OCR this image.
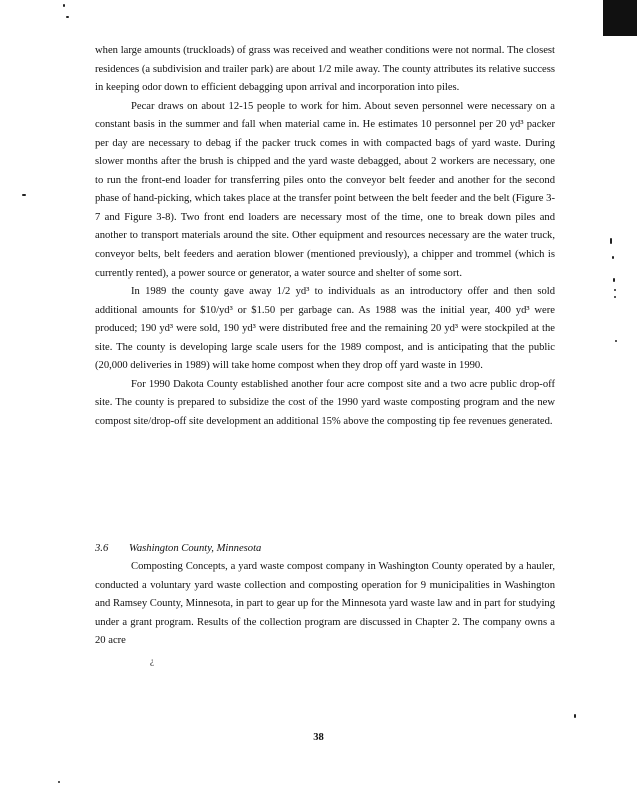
when large amounts (truckloads) of grass was received and weather conditions were not normal. The closest residences (a subdivision and trailer park) are about 1/2 mile away. The county attributes its relative success in keeping odor down to efficient debagging upon arrival and incorporation into piles.

Pecar draws on about 12-15 people to work for him. About seven personnel were necessary on a constant basis in the summer and fall when material came in. He estimates 10 personnel per 20 yd³ packer per day are necessary to debag if the packer truck comes in with compacted bags of yard waste. During slower months after the brush is chipped and the yard waste debagged, about 2 workers are necessary, one to run the front-end loader for transferring piles onto the conveyor belt feeder and another for the second phase of hand-picking, which takes place at the transfer point between the belt feeder and the belt (Figure 3-7 and Figure 3-8). Two front end loaders are necessary most of the time, one to break down piles and another to transport materials around the site. Other equipment and resources necessary are the water truck, conveyor belts, belt feeders and aeration blower (mentioned previously), a chipper and trommel (which is currently rented), a power source or generator, a water source and shelter of some sort.

In 1989 the county gave away 1/2 yd³ to individuals as an introductory offer and then sold additional amounts for $10/yd³ or $1.50 per garbage can. As 1988 was the initial year, 400 yd³ were produced; 190 yd³ were sold, 190 yd³ were distributed free and the remaining 20 yd³ were stockpiled at the site. The county is developing large scale users for the 1989 compost, and is anticipating that the public (20,000 deliveries in 1989) will take home compost when they drop off yard waste in 1990.

For 1990 Dakota County established another four acre compost site and a two acre public drop-off site. The county is prepared to subsidize the cost of the 1990 yard waste composting program and the new compost site/drop-off site development an additional 15% above the composting tip fee revenues generated.

3.6 Washington County, Minnesota

Composting Concepts, a yard waste compost company in Washington County operated by a hauler, conducted a voluntary yard waste collection and composting operation for 9 municipalities in Washington and Ramsey County, Minnesota, in part to gear up for the Minnesota yard waste law and in part for studying under a grant program. Results of the collection program are discussed in Chapter 2. The company owns a 20 acre

¿
38
